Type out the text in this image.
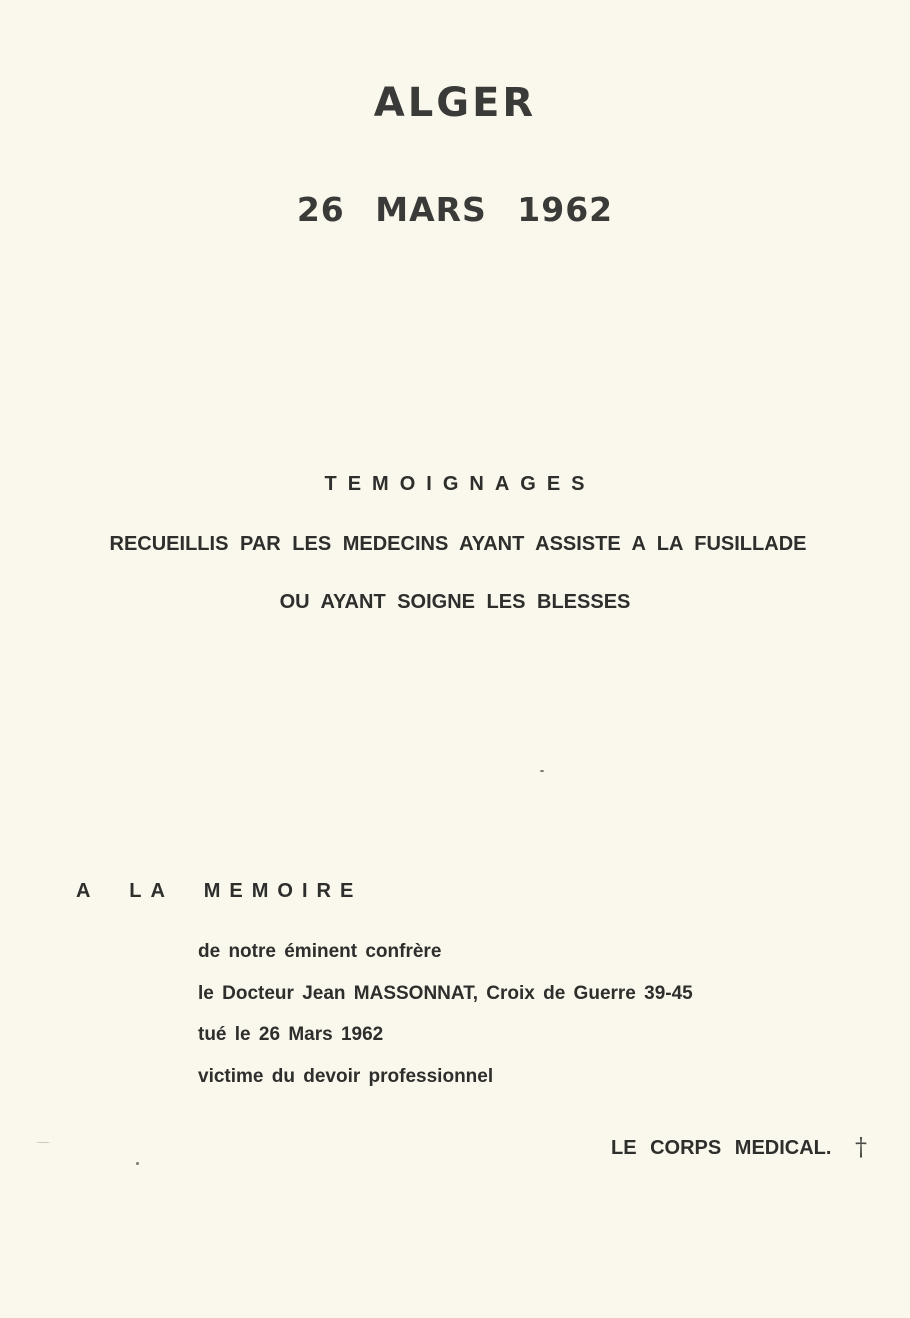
ALGER
26 MARS 1962

TEMOIGNAGES

RECUEILLIS PAR LES MEDECINS AYANT ASSISTE A LA FUSILLADE

OU AYANT SOIGNE LES BLESSES

A LA MEMOIRE

de notre éminent confrère
le Docteur Jean MASSONNAT, Croix de Guerre 39-45
tué le 26 Mars 1962
victime du devoir professionnel

LE CORPS MEDICAL. †
